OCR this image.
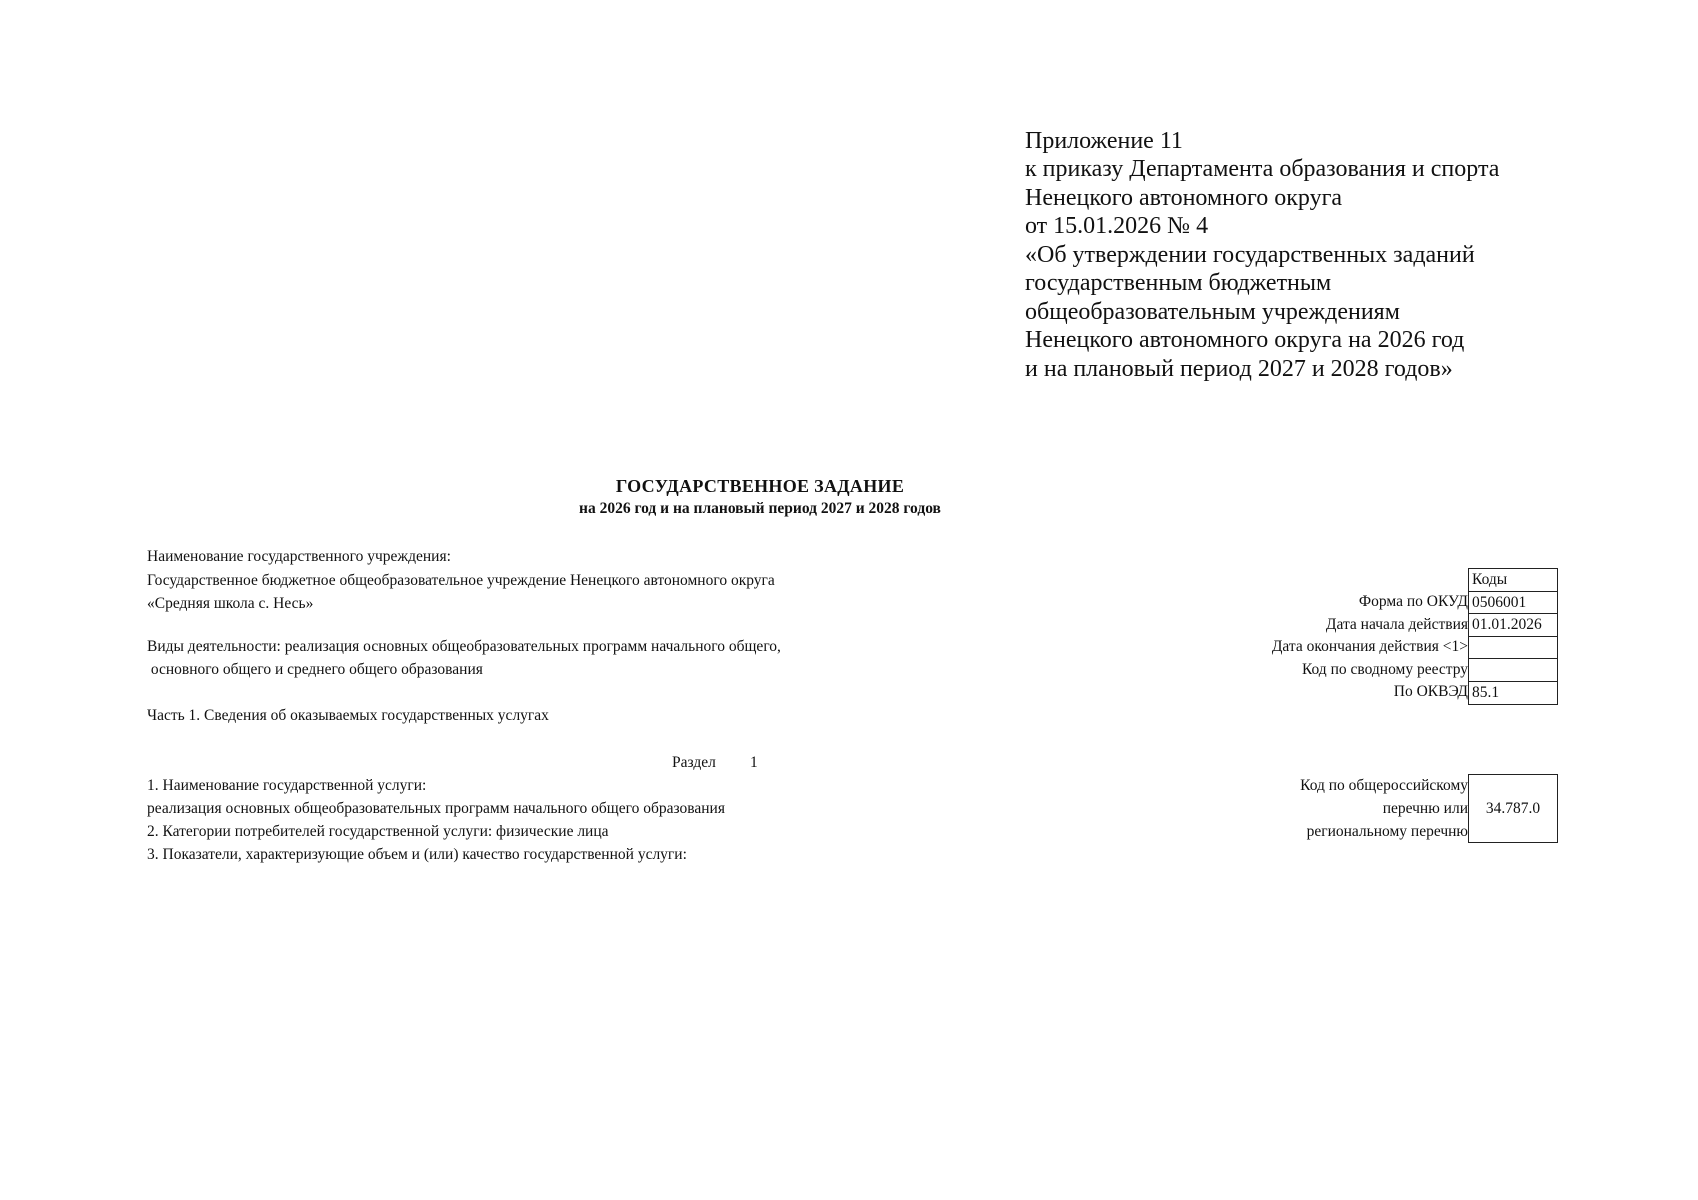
Приложение 11
к приказу Департамента образования и спорта
Ненецкого автономного округа
от 15.01.2026 № 4
«Об утверждении государственных заданий
государственным бюджетным
общеобразовательным учреждениям
Ненецкого автономного округа на 2026 год
и на плановый период 2027 и 2028 годов»
ГОСУДАРСТВЕННОЕ ЗАДАНИЕ
на 2026 год и на плановый период 2027 и 2028 годов
Наименование государственного учреждения:
Государственное бюджетное общеобразовательное учреждение Ненецкого автономного округа
«Средняя школа с. Несь»
Виды деятельности: реализация основных общеобразовательных программ начального общего,
основного общего и среднего общего образования
Часть 1. Сведения об оказываемых государственных услугах
Раздел 1
1. Наименование государственной услуги:
реализация основных общеобразовательных программ начального общего образования
2. Категории потребителей государственной услуги: физические лица
3. Показатели, характеризующие объем и (или) качество государственной услуги:
Форма по ОКУД
Дата начала действия
Дата окончания действия <1>
Код по сводному реестру
По ОКВЭД
Коды
0506001
01.01.2026
85.1
Код по общероссийскому
перечню или
региональному перечню
34.787.0
